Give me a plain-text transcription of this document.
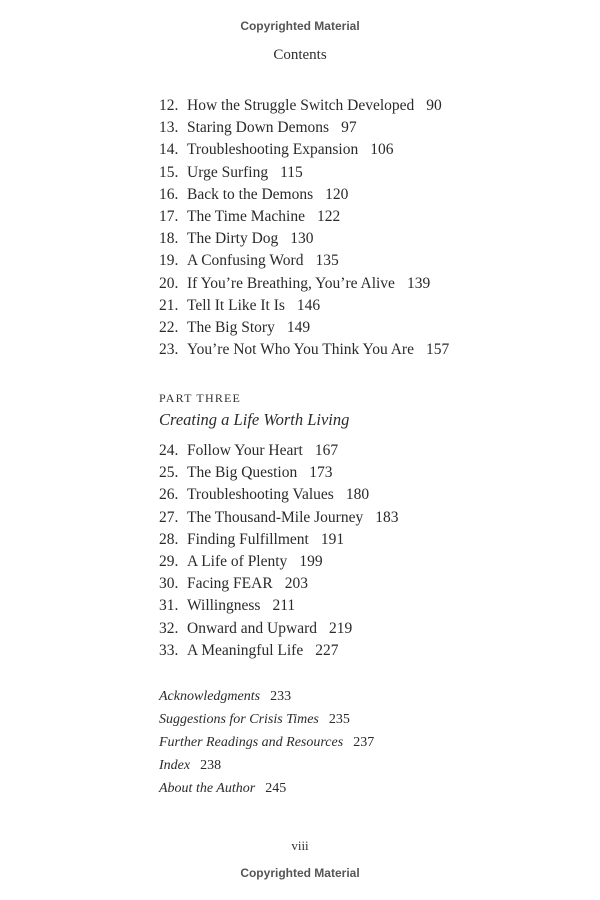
Copyrighted Material
Contents
12. How the Struggle Switch Developed 90
13. Staring Down Demons 97
14. Troubleshooting Expansion 106
15. Urge Surfing 115
16. Back to the Demons 120
17. The Time Machine 122
18. The Dirty Dog 130
19. A Confusing Word 135
20. If You’re Breathing, You’re Alive 139
21. Tell It Like It Is 146
22. The Big Story 149
23. You’re Not Who You Think You Are 157
PART THREE
Creating a Life Worth Living
24. Follow Your Heart 167
25. The Big Question 173
26. Troubleshooting Values 180
27. The Thousand-Mile Journey 183
28. Finding Fulfillment 191
29. A Life of Plenty 199
30. Facing FEAR 203
31. Willingness 211
32. Onward and Upward 219
33. A Meaningful Life 227
Acknowledgments 233
Suggestions for Crisis Times 235
Further Readings and Resources 237
Index 238
About the Author 245
viii
Copyrighted Material
